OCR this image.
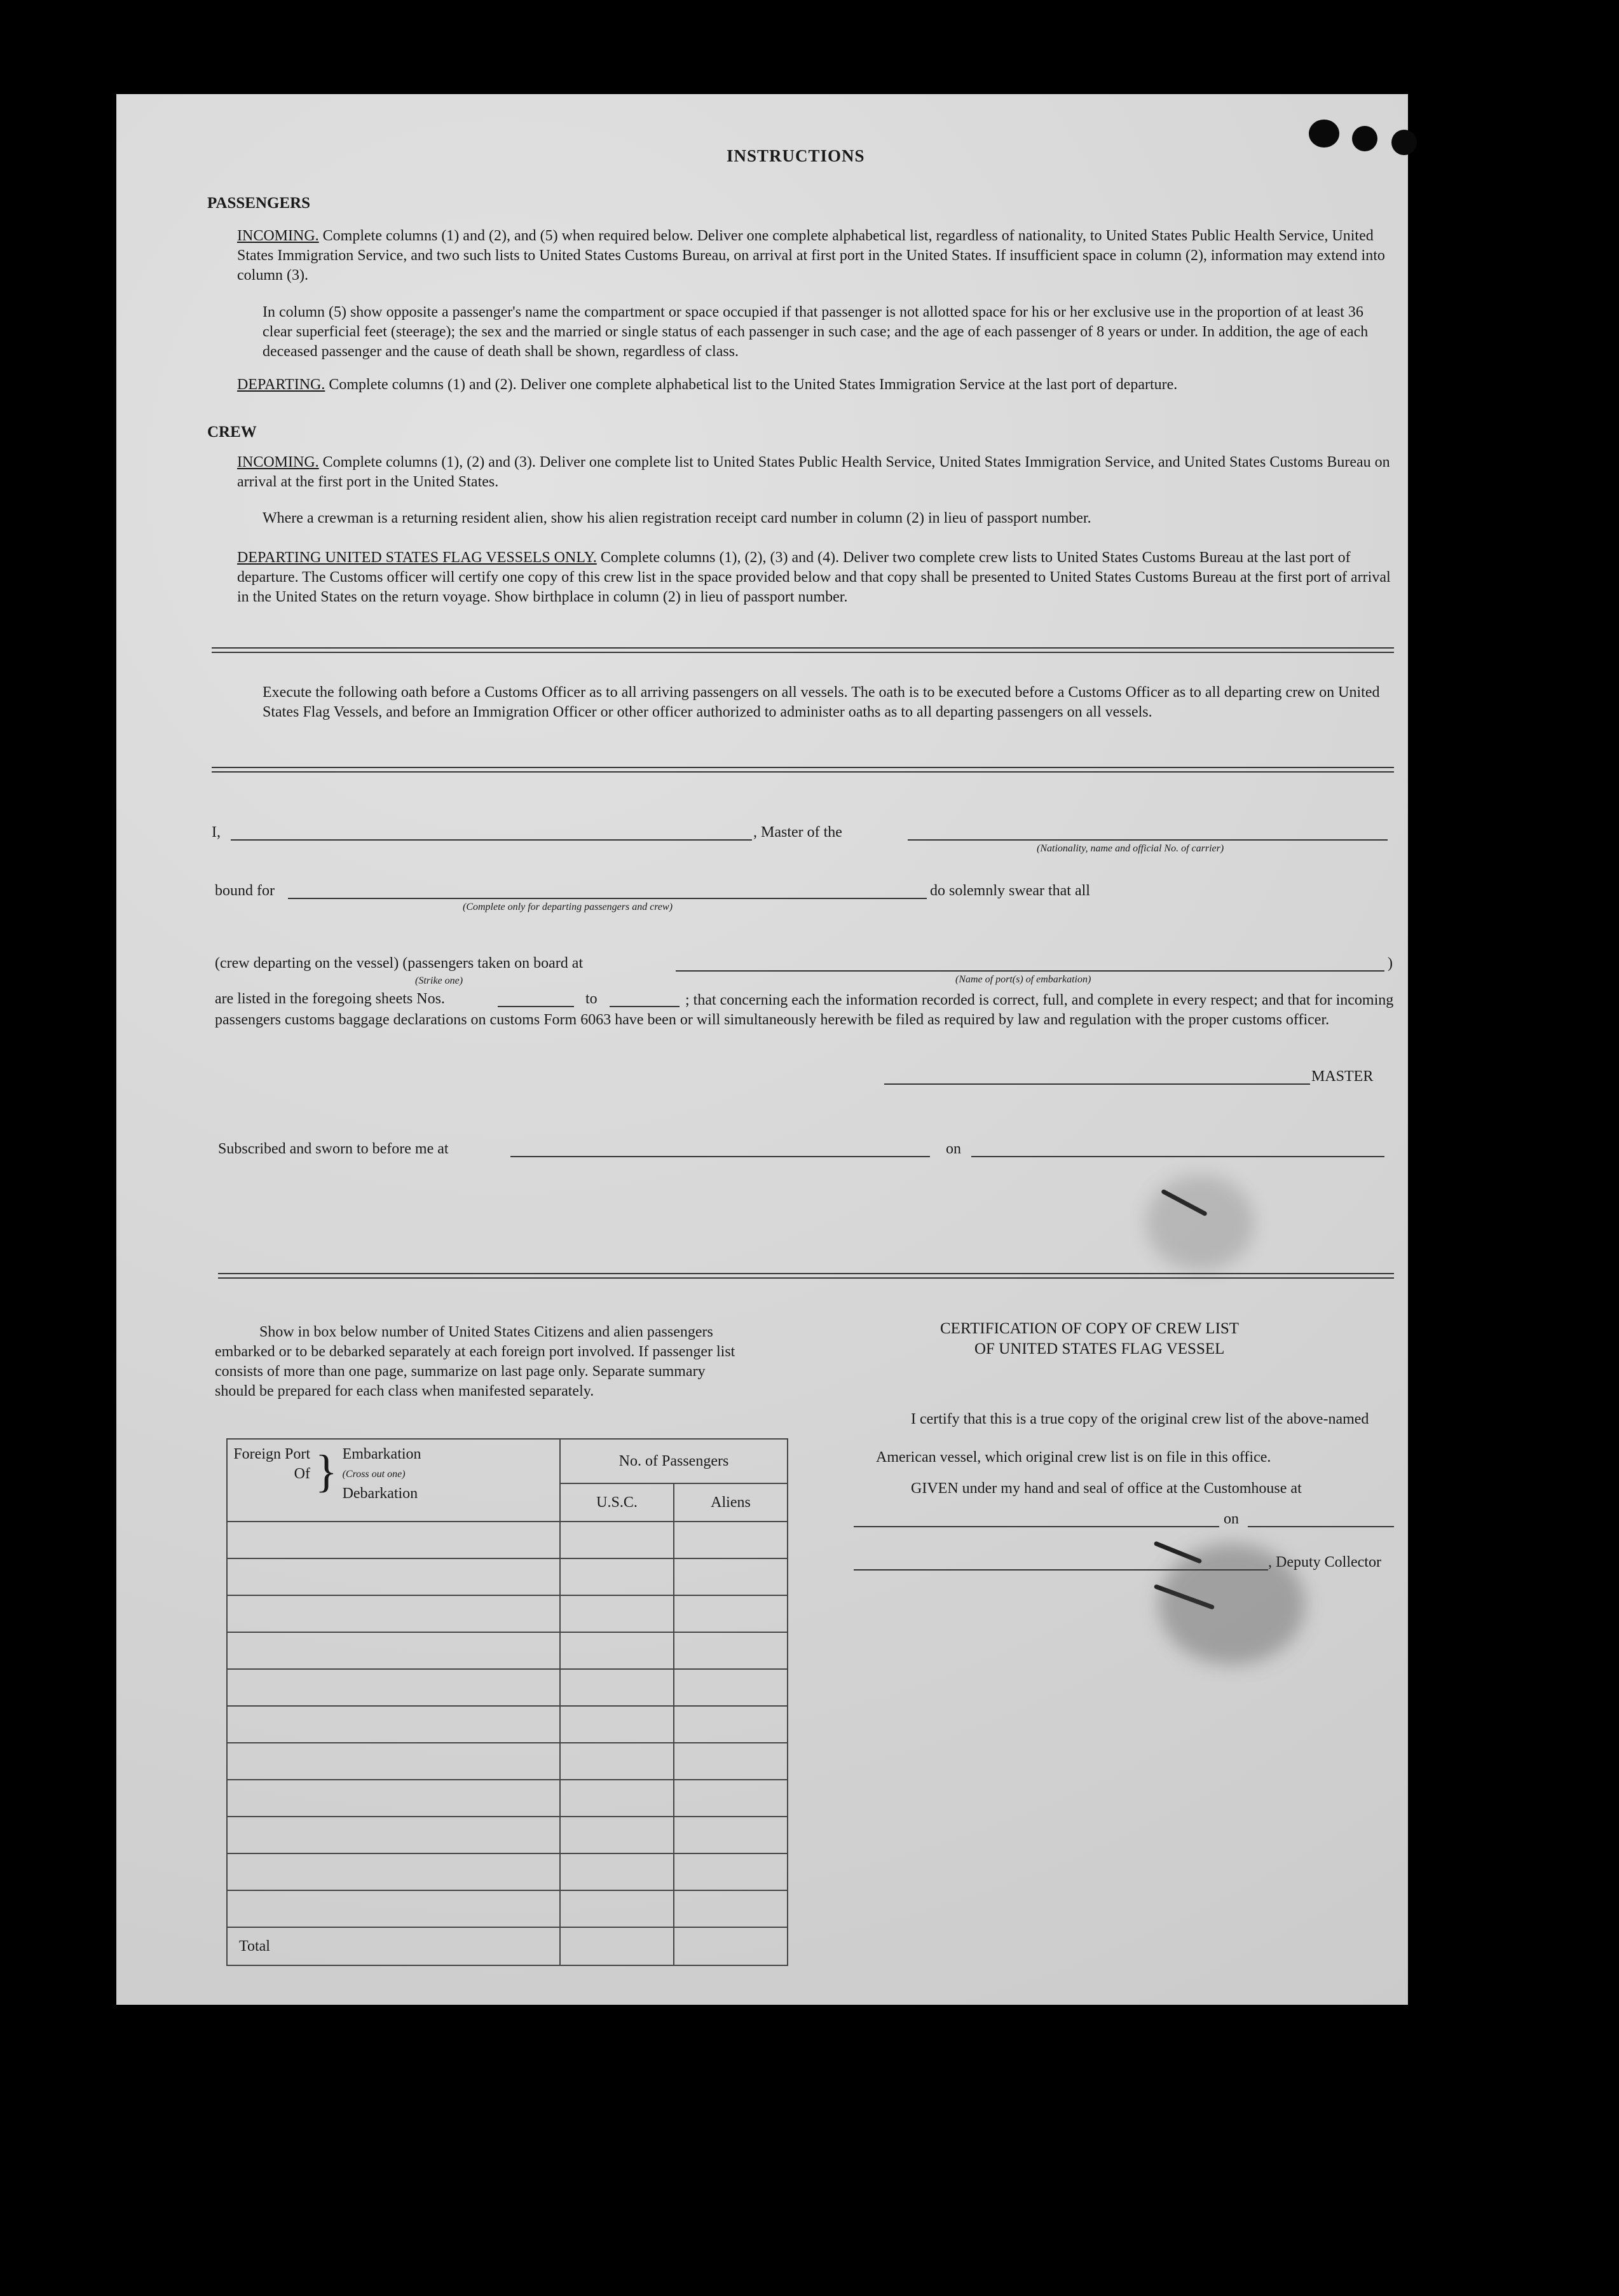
INSTRUCTIONS
PASSENGERS
INCOMING. Complete columns (1) and (2), and (5) when required below. Deliver one complete alphabetical list, regardless of nationality, to United States Public Health Service, United States Immigration Service, and two such lists to United States Customs Bureau, on arrival at first port in the United States. If insufficient space in column (2), information may extend into column (3).
In column (5) show opposite a passenger's name the compartment or space occupied if that passenger is not allotted space for his or her exclusive use in the proportion of at least 36 clear superficial feet (steerage); the sex and the married or single status of each passenger in such case; and the age of each passenger of 8 years or under. In addition, the age of each deceased passenger and the cause of death shall be shown, regardless of class.
DEPARTING. Complete columns (1) and (2). Deliver one complete alphabetical list to the United States Immigration Service at the last port of departure.
CREW
INCOMING. Complete columns (1), (2) and (3). Deliver one complete list to United States Public Health Service, United States Immigration Service, and United States Customs Bureau on arrival at the first port in the United States.
Where a crewman is a returning resident alien, show his alien registration receipt card number in column (2) in lieu of passport number.
DEPARTING UNITED STATES FLAG VESSELS ONLY. Complete columns (1), (2), (3) and (4). Deliver two complete crew lists to United States Customs Bureau at the last port of departure. The Customs officer will certify one copy of this crew list in the space provided below and that copy shall be presented to United States Customs Bureau at the first port of arrival in the United States on the return voyage. Show birthplace in column (2) in lieu of passport number.
Execute the following oath before a Customs Officer as to all arriving passengers on all vessels. The oath is to be executed before a Customs Officer as to all departing crew on United States Flag Vessels, and before an Immigration Officer or other officer authorized to administer oaths as to all departing passengers on all vessels.
I,	, Master of the
(Nationality, name and official No. of carrier)
bound for
(Complete only for departing passengers and crew)
do solemnly swear that all
(crew departing on the vessel) (passengers taken on board at	)
(Strike one)	(Name of port(s) of embarkation)
are listed in the foregoing sheets Nos.	to	; that concerning each the information recorded is correct, full, and complete in every respect; and that for incoming passengers customs baggage declarations on customs Form 6063 have been or will simultaneously herewith be filed as required by law and regulation with the proper customs officer.
MASTER
Subscribed and sworn to before me at	on
Show in box below number of United States Citizens and alien passengers embarked or to be debarked separately at each foreign port involved. If passenger list consists of more than one page, summarize on last page only. Separate summary should be prepared for each class when manifested separately.
Foreign Port Of } Embarkation
(Cross out one)
Debarkation	No. of Passengers	
	U.S.C.	Aliens

Total		
CERTIFICATION OF COPY OF CREW LIST
OF UNITED STATES FLAG VESSEL
I certify that this is a true copy of the original crew list of the above-named American vessel, which original crew list is on file in this office.
GIVEN under my hand and seal of office at the Customhouse at
on
, Deputy Collector
